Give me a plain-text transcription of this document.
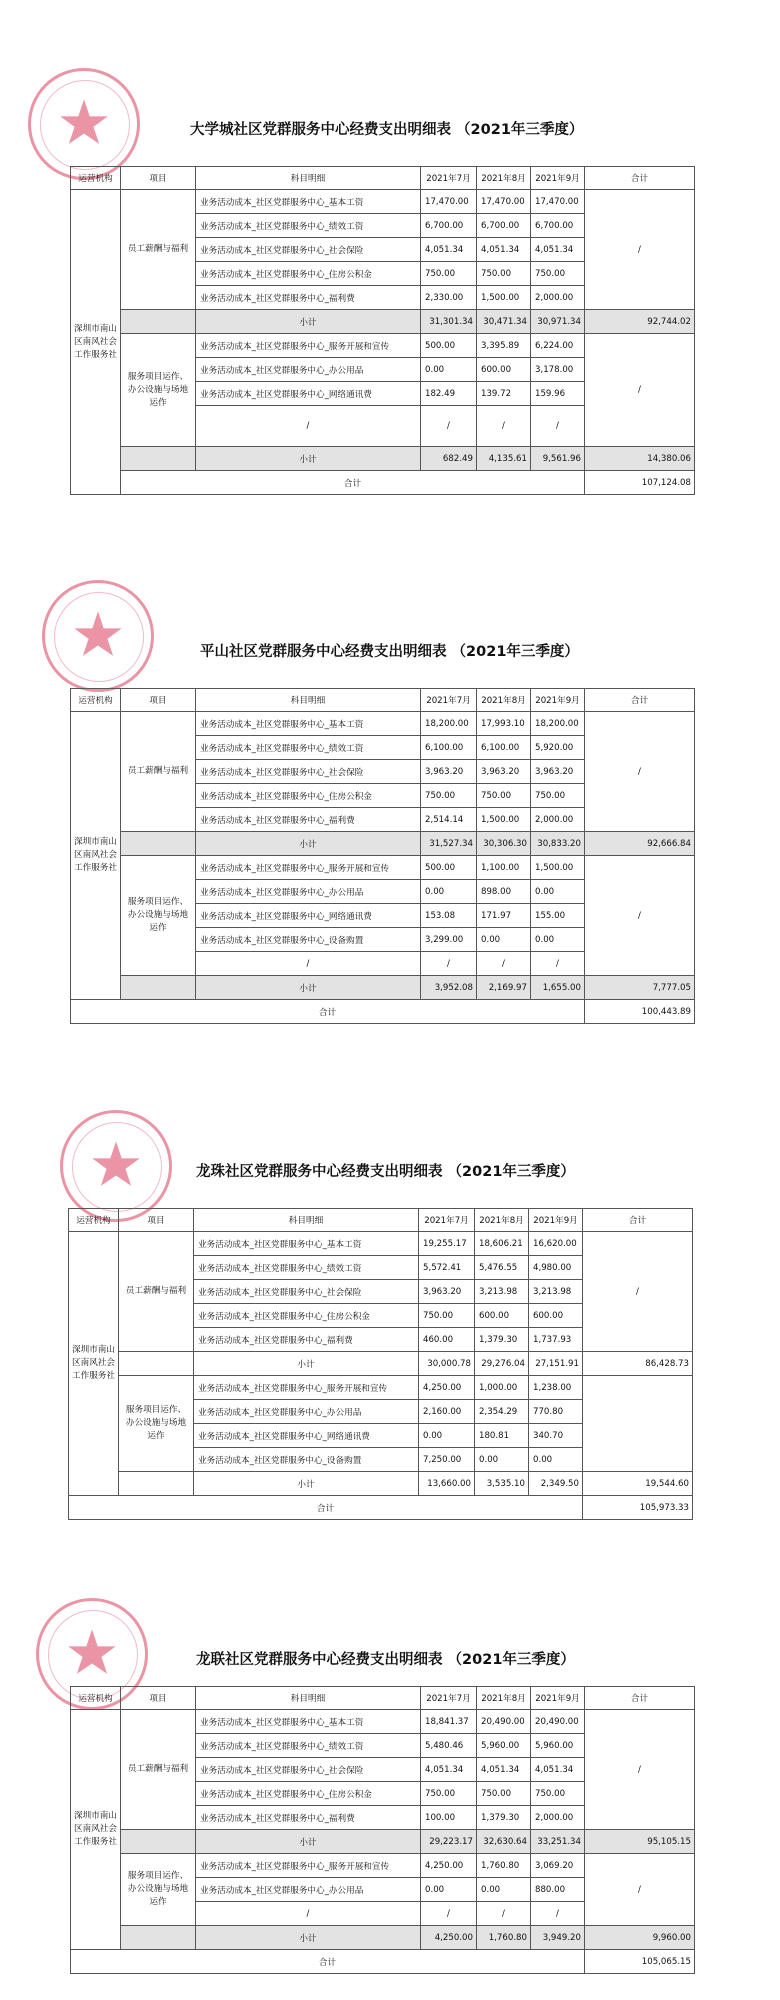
大学城社区党群服务中心经费支出明细表 （2021年三季度）
运营机构	项目	科目明细	2021年7月	2021年8月	2021年9月	合计
深圳市南山区南风社会工作服务社	员工薪酬与福利	业务活动成本_社区党群服务中心_基本工资	17,470.00	17,470.00	17,470.00	/
		业务活动成本_社区党群服务中心_绩效工资	6,700.00	6,700.00	6,700.00	
		业务活动成本_社区党群服务中心_社会保险	4,051.34	4,051.34	4,051.34	
		业务活动成本_社区党群服务中心_住房公积金	750.00	750.00	750.00	
		业务活动成本_社区党群服务中心_福利费	2,330.00	1,500.00	2,000.00	
		小计	31,301.34	30,471.34	30,971.34	92,744.02
	服务项目运作、办公设施与场地运作	业务活动成本_社区党群服务中心_服务开展和宣传	500.00	3,395.89	6,224.00	/
		业务活动成本_社区党群服务中心_办公用品	0.00	600.00	3,178.00	
		业务活动成本_社区党群服务中心_网络通讯费	182.49	139.72	159.96	
		/	/	/	/	
		小计	682.49	4,135.61	9,561.96	14,380.06
	合计					107,124.08
平山社区党群服务中心经费支出明细表 （2021年三季度）
运营机构	项目	科目明细	2021年7月	2021年8月	2021年9月	合计
深圳市南山区南风社会工作服务社	员工薪酬与福利	业务活动成本_社区党群服务中心_基本工资	18,200.00	17,993.10	18,200.00	/
		业务活动成本_社区党群服务中心_绩效工资	6,100.00	6,100.00	5,920.00	
		业务活动成本_社区党群服务中心_社会保险	3,963.20	3,963.20	3,963.20	
		业务活动成本_社区党群服务中心_住房公积金	750.00	750.00	750.00	
		业务活动成本_社区党群服务中心_福利费	2,514.14	1,500.00	2,000.00	
		小计	31,527.34	30,306.30	30,833.20	92,666.84
	服务项目运作、办公设施与场地运作	业务活动成本_社区党群服务中心_服务开展和宣传	500.00	1,100.00	1,500.00	/
		业务活动成本_社区党群服务中心_办公用品	0.00	898.00	0.00	
		业务活动成本_社区党群服务中心_网络通讯费	153.08	171.97	155.00	
		业务活动成本_社区党群服务中心_设备购置	3,299.00	0.00	0.00	
		/	/	/	/	
		小计	3,952.08	2,169.97	1,655.00	7,777.05
合计						100,443.89
龙珠社区党群服务中心经费支出明细表 （2021年三季度）
运营机构	项目	科目明细	2021年7月	2021年8月	2021年9月	合计
深圳市南山区南风社会工作服务社	员工薪酬与福利	业务活动成本_社区党群服务中心_基本工资	19,255.17	18,606.21	16,620.00	/
		业务活动成本_社区党群服务中心_绩效工资	5,572.41	5,476.55	4,980.00	
		业务活动成本_社区党群服务中心_社会保险	3,963.20	3,213.98	3,213.98	
		业务活动成本_社区党群服务中心_住房公积金	750.00	600.00	600.00	
		业务活动成本_社区党群服务中心_福利费	460.00	1,379.30	1,737.93	
		小计	30,000.78	29,276.04	27,151.91	86,428.73
	服务项目运作、办公设施与场地运作	业务活动成本_社区党群服务中心_服务开展和宣传	4,250.00	1,000.00	1,238.00	
		业务活动成本_社区党群服务中心_办公用品	2,160.00	2,354.29	770.80	
		业务活动成本_社区党群服务中心_网络通讯费	0.00	180.81	340.70	
		业务活动成本_社区党群服务中心_设备购置	7,250.00	0.00	0.00	
		小计	13,660.00	3,535.10	2,349.50	19,544.60
合计						105,973.33
龙联社区党群服务中心经费支出明细表 （2021年三季度）
运营机构	项目	科目明细	2021年7月	2021年8月	2021年9月	合计
深圳市南山区南风社会工作服务社	员工薪酬与福利	业务活动成本_社区党群服务中心_基本工资	18,841.37	20,490.00	20,490.00	/
		业务活动成本_社区党群服务中心_绩效工资	5,480.46	5,960.00	5,960.00	
		业务活动成本_社区党群服务中心_社会保险	4,051.34	4,051.34	4,051.34	
		业务活动成本_社区党群服务中心_住房公积金	750.00	750.00	750.00	
		业务活动成本_社区党群服务中心_福利费	100.00	1,379.30	2,000.00	
		小计	29,223.17	32,630.64	33,251.34	95,105.15
	服务项目运作、办公设施与场地运作	业务活动成本_社区党群服务中心_服务开展和宣传	4,250.00	1,760.80	3,069.20	/
		业务活动成本_社区党群服务中心_办公用品	0.00	0.00	880.00	
		/	/	/	/	
		小计	4,250.00	1,760.80	3,949.20	9,960.00
合计						105,065.15
